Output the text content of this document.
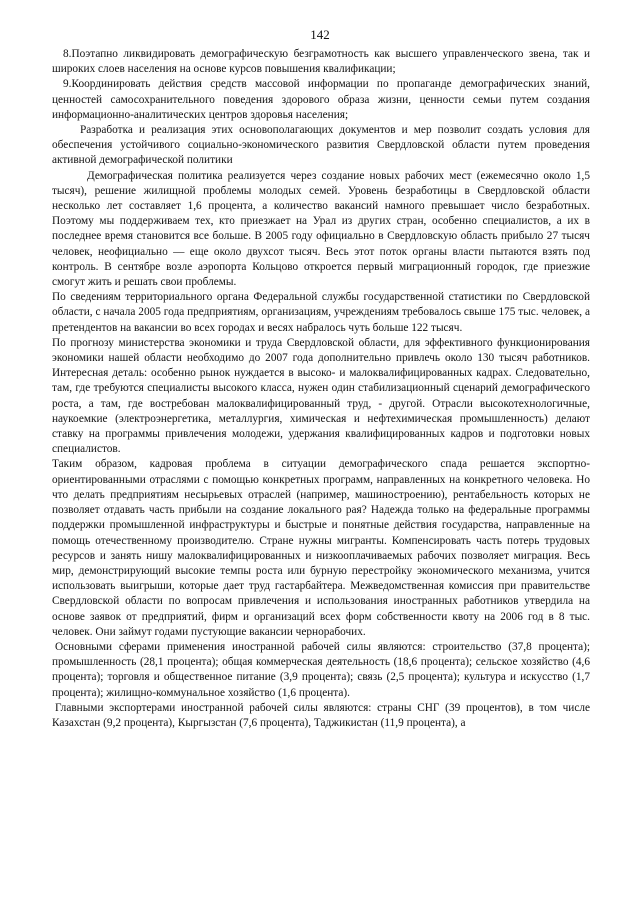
142

8.Поэтапно ликвидировать демографическую безграмотность как высшего управленческого звена, так и широких слоев населения на основе курсов повышения квалификации;

9.Координировать действия средств массовой информации по пропаганде демографических знаний, ценностей самосохранительного поведения здорового образа жизни, ценности семьи путем создания информационно-аналитических центров здоровья населения;

Разработка и реализация этих основополагающих документов и мер позволит создать условия для обеспечения устойчивого социально-экономического развития Свердловской области путем проведения активной демографической политики

Демографическая политика реализуется через создание новых рабочих мест (ежемесячно около 1,5 тысяч), решение жилищной проблемы молодых семей. Уровень безработицы в Свердловской области несколько лет составляет 1,6 процента, а количество вакансий намного превышает число безработных. Поэтому мы поддерживаем тех, кто приезжает на Урал из других стран, особенно специалистов, а их в последнее время становится все больше. В 2005 году официально в Свердловскую область прибыло 27 тысяч человек, неофициально — еще около двухсот тысяч. Весь этот поток органы власти пытаются взять под контроль. В сентябре возле аэропорта Кольцово откроется первый миграционный городок, где приезжие смогут жить и решать свои проблемы.

По сведениям территориального органа Федеральной службы государственной статистики по Свердловской области, с начала 2005 года предприятиям, организациям, учреждениям требовалось свыше 175 тыс. человек, а претендентов на вакансии во всех городах и весях набралось чуть больше 122 тысяч.

По прогнозу министерства экономики и труда Свердловской области, для эффективного функционирования экономики нашей области необходимо до 2007 года дополнительно привлечь около 130 тысяч работников. Интересная деталь: особенно рынок нуждается в высоко- и малоквалифицированных кадрах. Следовательно, там, где требуются специалисты высокого класса, нужен один стабилизационный сценарий демографического роста, а там, где востребован малоквалифицированный труд, - другой. Отрасли высокотехнологичные, наукоемкие (электроэнергетика, металлургия, химическая и нефтехимическая промышленность) делают ставку на программы привлечения молодежи, удержания квалифицированных кадров и подготовки новых специалистов.

Таким образом, кадровая проблема в ситуации демографического спада решается экспортно-ориентированными отраслями с помощью конкретных программ, направленных на конкретного человека. Но что делать предприятиям несырьевых отраслей (например, машиностроению), рентабельность которых не позволяет отдавать часть прибыли на создание локального рая? Надежда только на федеральные программы поддержки промышленной инфраструктуры и быстрые и понятные действия государства, направленные на помощь отечественному производителю. Стране нужны мигранты. Компенсировать часть потерь трудовых ресурсов и занять нишу малоквалифицированных и низкооплачиваемых рабочих позволяет миграция. Весь мир, демонстрирующий высокие темпы роста или бурную перестройку экономического механизма, учится использовать выигрыши, которые дает труд гастарбайтера. Межведомственная комиссия при правительстве Свердловской области по вопросам привлечения и использования иностранных работников утвердила на основе заявок от предприятий, фирм и организаций всех форм собственности квоту на 2006 год в 8 тыс. человек. Они займут годами пустующие вакансии чернорабочих.

Основными сферами применения иностранной рабочей силы являются: строительство (37,8 процента); промышленность (28,1 процента); общая коммерческая деятельность (18,6 процента); сельское хозяйство (4,6 процента); торговля и общественное питание (3,9 процента); связь (2,5 процента); культура и искусство (1,7 процента); жилищно-коммунальное хозяйство (1,6 процента).

Главными экспортерами иностранной рабочей силы являются: страны СНГ (39 процентов), в том числе Казахстан (9,2 процента), Кыргызстан (7,6 процента), Таджикистан (11,9 процента), а
